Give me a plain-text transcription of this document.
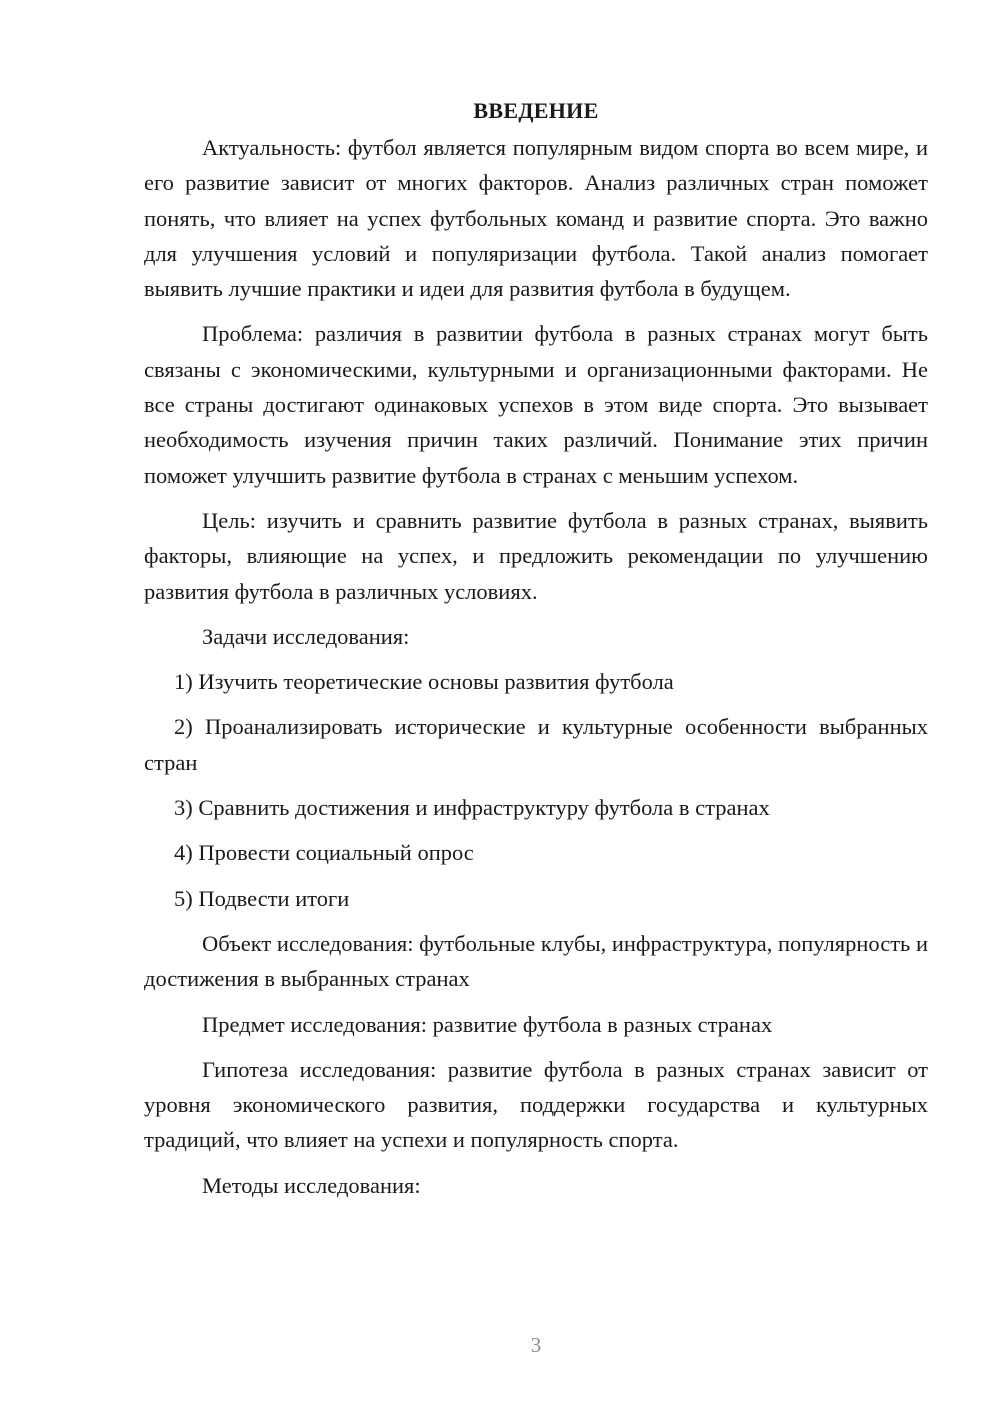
ВВЕДЕНИЕ

Актуальность: футбол является популярным видом спорта во всем мире, и его развитие зависит от многих факторов. Анализ различных стран поможет понять, что влияет на успех футбольных команд и развитие спорта. Это важно для улучшения условий и популяризации футбола. Такой анализ помогает выявить лучшие практики и идеи для развития футбола в будущем.

Проблема: различия в развитии футбола в разных странах могут быть связаны с экономическими, культурными и организационными факторами. Не все страны достигают одинаковых успехов в этом виде спорта. Это вызывает необходимость изучения причин таких различий. Понимание этих причин поможет улучшить развитие футбола в странах с меньшим успехом.

Цель: изучить и сравнить развитие футбола в разных странах, выявить факторы, влияющие на успех, и предложить рекомендации по улучшению развития футбола в различных условиях.

Задачи исследования:

1) Изучить теоретические основы развития футбола

2) Проанализировать исторические и культурные особенности выбранных стран

3) Сравнить достижения и инфраструктуру футбола в странах

4) Провести социальный опрос

5) Подвести итоги

Объект исследования: футбольные клубы, инфраструктура, популярность и достижения в выбранных странах

Предмет исследования: развитие футбола в разных странах

Гипотеза исследования: развитие футбола в разных странах зависит от уровня экономического развития, поддержки государства и культурных традиций, что влияет на успехи и популярность спорта.

Методы исследования:

3
